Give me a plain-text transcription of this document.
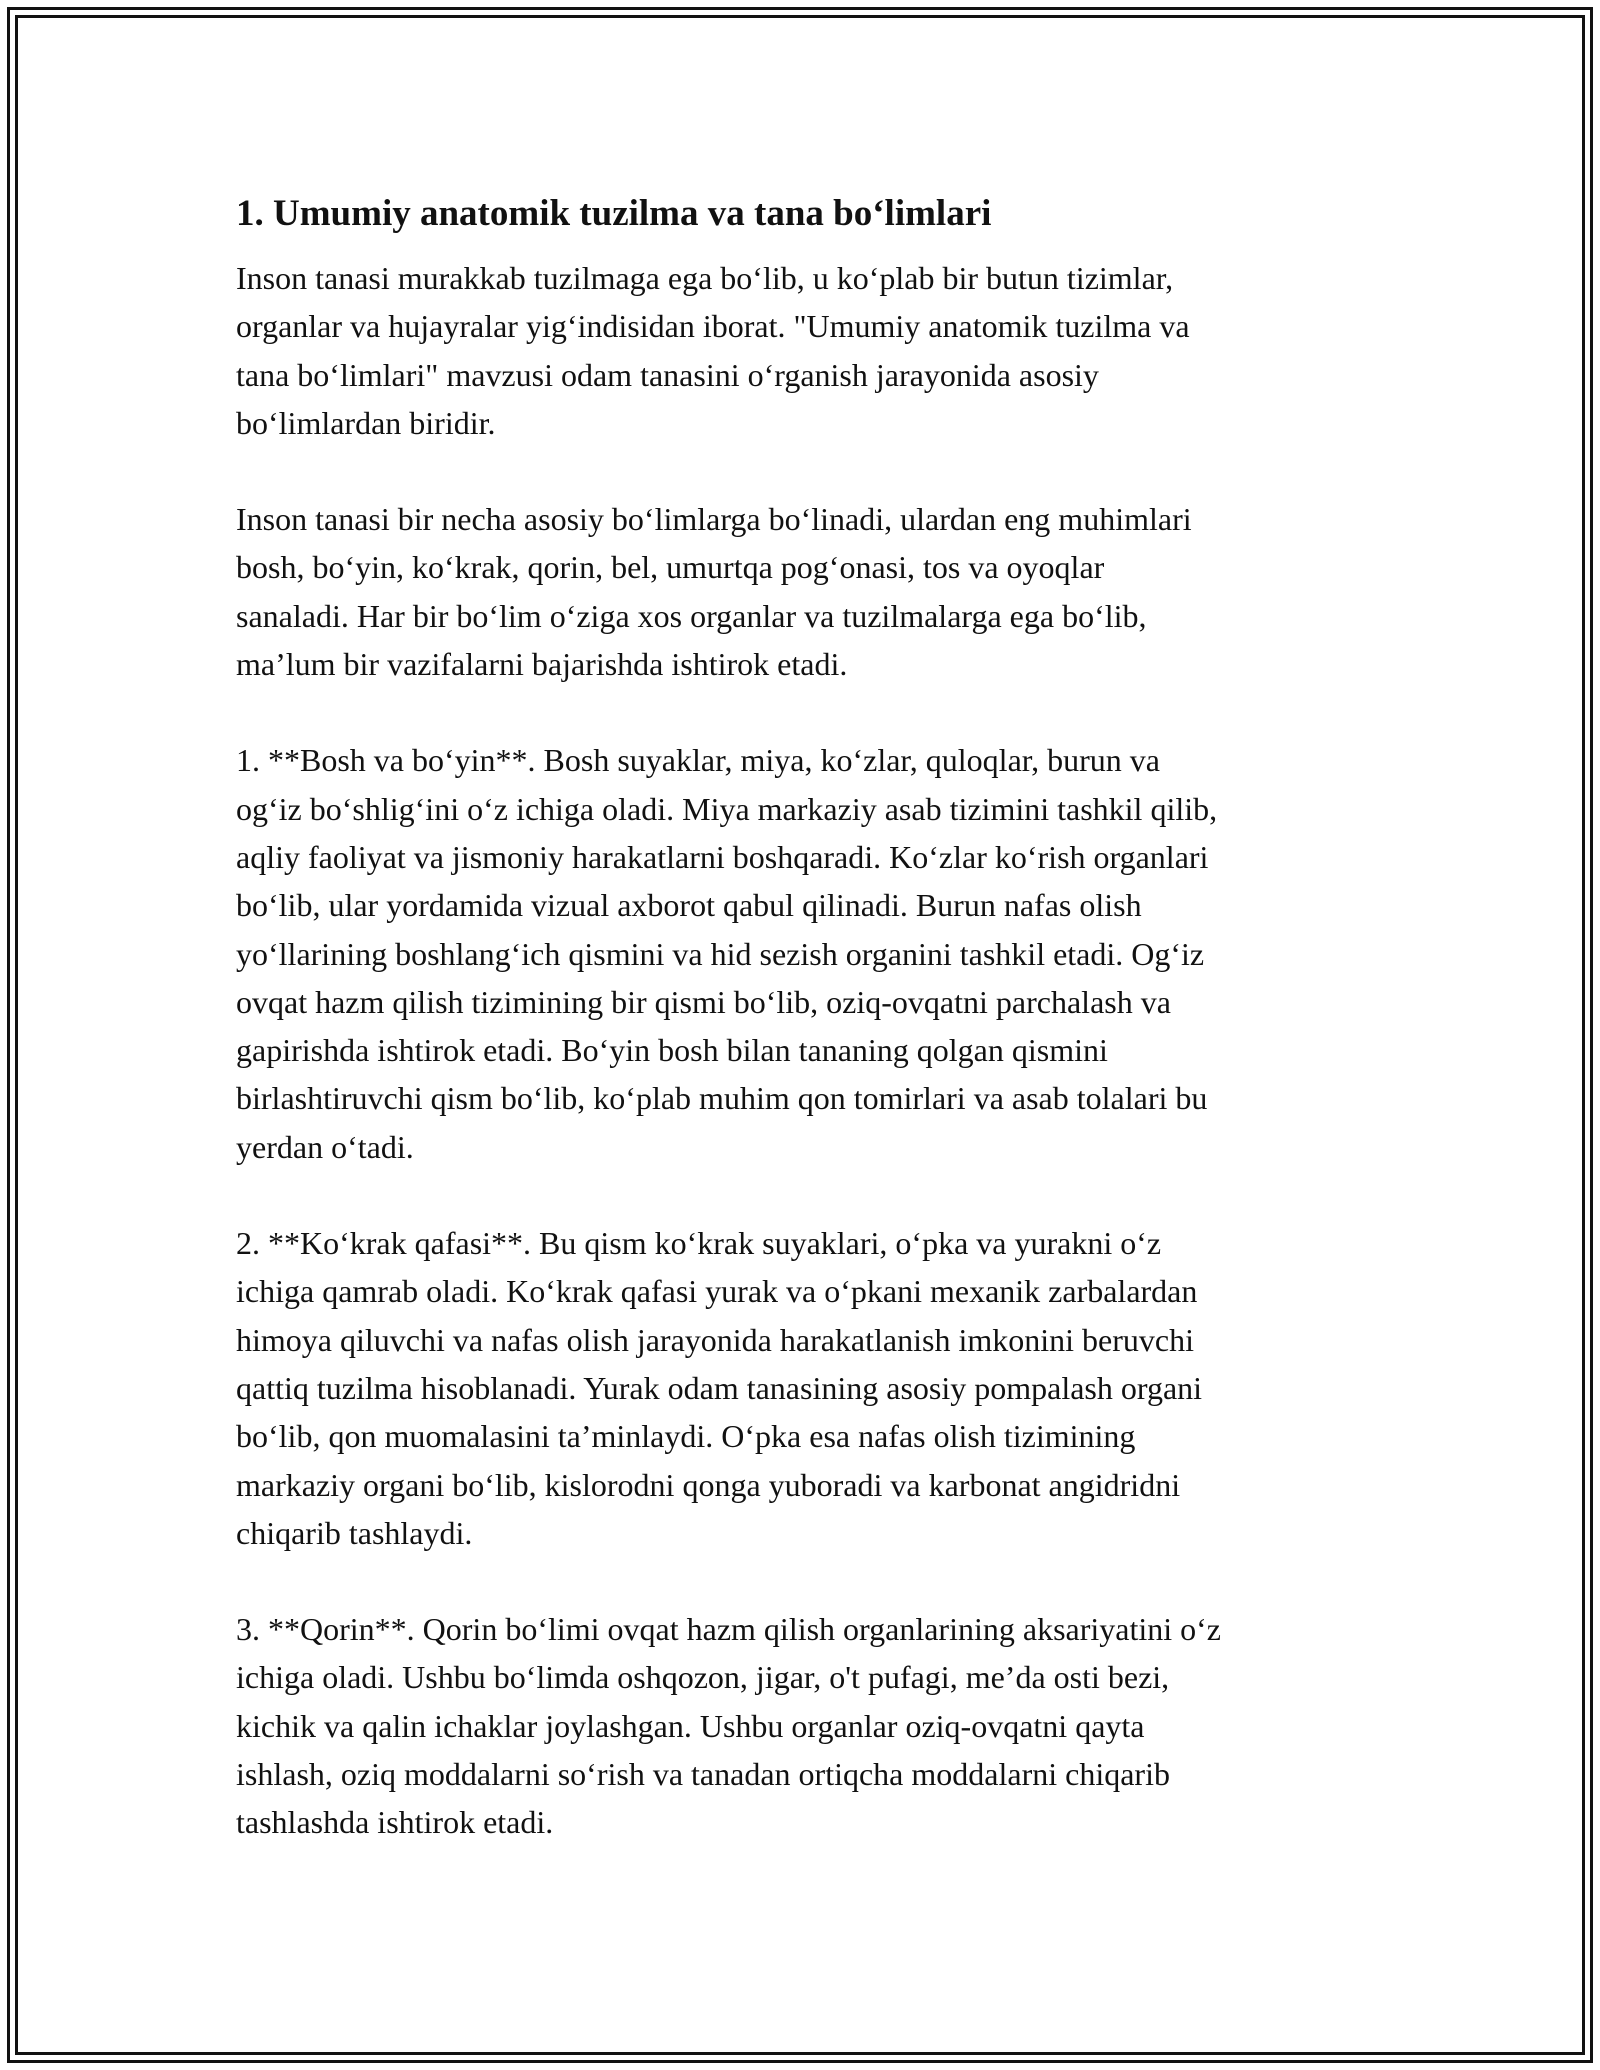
1. Umumiy anatomik tuzilma va tana bo‘limlari

Inson tanasi murakkab tuzilmaga ega bo‘lib, u ko‘plab bir butun tizimlar,
organlar va hujayralar yig‘indisidan iborat. "Umumiy anatomik tuzilma va
tana bo‘limlari" mavzusi odam tanasini o‘rganish jarayonida asosiy
bo‘limlardan biridir.

Inson tanasi bir necha asosiy bo‘limlarga bo‘linadi, ulardan eng muhimlari
bosh, bo‘yin, ko‘krak, qorin, bel, umurtqa pog‘onasi, tos va oyoqlar
sanaladi. Har bir bo‘lim o‘ziga xos organlar va tuzilmalarga ega bo‘lib,
ma’lum bir vazifalarni bajarishda ishtirok etadi.

1. **Bosh va bo‘yin**. Bosh suyaklar, miya, ko‘zlar, quloqlar, burun va
og‘iz bo‘shlig‘ini o‘z ichiga oladi. Miya markaziy asab tizimini tashkil qilib,
aqliy faoliyat va jismoniy harakatlarni boshqaradi. Ko‘zlar ko‘rish organlari
bo‘lib, ular yordamida vizual axborot qabul qilinadi. Burun nafas olish
yo‘llarining boshlang‘ich qismini va hid sezish organini tashkil etadi. Og‘iz
ovqat hazm qilish tizimining bir qismi bo‘lib, oziq-ovqatni parchalash va
gapirishda ishtirok etadi. Bo‘yin bosh bilan tananing qolgan qismini
birlashtiruvchi qism bo‘lib, ko‘plab muhim qon tomirlari va asab tolalari bu
yerdan o‘tadi.

2. **Ko‘krak qafasi**. Bu qism ko‘krak suyaklari, o‘pka va yurakni o‘z
ichiga qamrab oladi. Ko‘krak qafasi yurak va o‘pkani mexanik zarbalardan
himoya qiluvchi va nafas olish jarayonida harakatlanish imkonini beruvchi
qattiq tuzilma hisoblanadi. Yurak odam tanasining asosiy pompalash organi
bo‘lib, qon muomalasini ta’minlaydi. O‘pka esa nafas olish tizimining
markaziy organi bo‘lib, kislorodni qonga yuboradi va karbonat angidridni
chiqarib tashlaydi.

3. **Qorin**. Qorin bo‘limi ovqat hazm qilish organlarining aksariyatini o‘z
ichiga oladi. Ushbu bo‘limda oshqozon, jigar, o't pufagi, me’da osti bezi,
kichik va qalin ichaklar joylashgan. Ushbu organlar oziq-ovqatni qayta
ishlash, oziq moddalarni so‘rish va tanadan ortiqcha moddalarni chiqarib
tashlashda ishtirok etadi.
